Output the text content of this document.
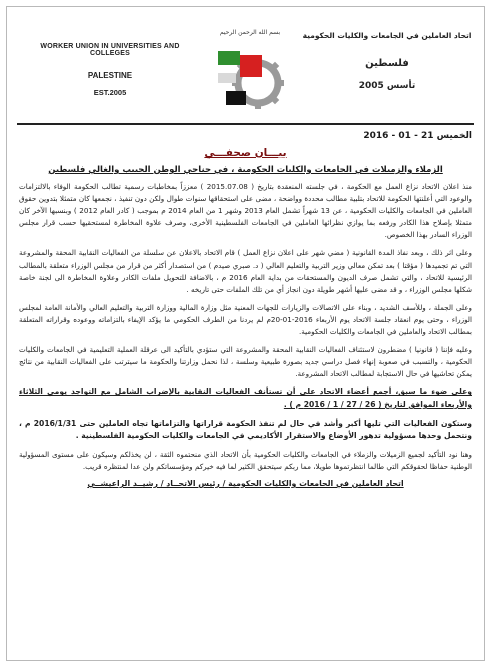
WORKER UNION IN UNIVERSITIES AND COLLEGES
PALESTINE
EST.2005
بسم الله الرحمن الرحيم	اتحاد العاملين في الجامعات والكليات الحكومية
فلسطين
تأسس 2005
الخميس 21 - 01 - 2016
بيـــان صحفـــي
الزملاء والزميلات في الجامعات والكليات الحكومية ، في جناحي الوطن الحبيب والغالي فلسطين

منذ اعلان الاتحاد نزاع العمل مع الحكومة ، في جلسته المنعقدة بتاريخ ( 2015.07.08 ) معززاً بمخاطبات رسمية تطالب الحكومة الوفاء بالالتزامات والوعود التي أعلنتها الحكومة للاتحاد بتلبية مطالب محددة وواضحة ، مضى على استحقاقها سنوات طوال ولكن دون تنفيذ ، نجمعها كان متمثلا بتدوين حقوق العاملين في الجامعات والكليات الحكومية ، عن 13 شهراً تشمل العام 2013 وشهر 1 من العام 2014 م بموجب ( كادر العام 2012 ) وبنسبها الآخر كان متمثلا بإصلاح هذا الكادر ورفعه بما يوازي نظرائها العاملين في الجامعات الفلسطينية الأخرى، وصرف علاوة المخاطرة لمستحقيها حسب قرار مجلس الوزراء السادر بهذا الخصوص.

وعلى اثر ذلك ، وبعد نفاذ المدة القانونية ( مضي شهر على اعلان نزاع العمل ) قام الاتحاد بالاعلان عن سلسلة من الفعاليات النقابية المحقة والمشروعة التي تم تجميدها ( مؤقتا ) بعد تمكن معالي وزير التربية والتعليم العالي ( د. صبري صيدم ) من استصدار أكثر من قرار من مجلس الوزراء متعلقة بالمطالب الرئيسية للاتحاد ، والتي تشمل صرف الديون والمستحقات من بداية العام 2016 م ، بالاضافة للتحويل ملفات الكادر وعلاوة المخاطرة الى لجنة خاصة شكلها مجلس الوزراء ، و قد مضى عليها أشهر طويلة دون انجاز أي من تلك الملفات حتى تاريخه .

وعلى الجملة ، وللأسف الشديد ، وبناء على الاتصالات والزيارات للجهات المعنية مثل وزارة المالية ووزارة التربية والتعليم العالي والأمانة العامة لمجلس الوزراء ، وحتى يوم انعقاد جلسة الاتحاد يوم الأربعاء 2016-01-20م لم يردنا من الطرف الحكومي ما يؤكد الإيفاء بالتزاماته ووعوده وقراراته المتعلقة بمطالب الاتحاد والعاملين في الجامعات والكليات الحكومية.

وعليه فإننا ( قانونيا ) مضطرون لاستئناف الفعاليات النقابية المحقة والمشروعة التي ستؤدي بالتأكيد الى عرقلة العملية التعليمية في الجامعات والكليات الحكومية ، والتسبب في صعوبة إنهاء فصل دراسي جديد بصورة طبيعية وسلسة ، لذا نحمل وزارتنا والحكومة ما سيترتب على الفعاليات النقابية من نتائج يمكن تحاشيها في حال الاستجابة لمطالب الاتحاد المشروعة.

وعلى ضوء ما سبق، أجمع أعضاء الاتحاد على أن تستأنف الفعاليات النقابية بالإضراب الشامل مع التواجد يومي الثلاثاء والأربعاء الموافق لتاريخ ( 26 / 27 / 1 / 2016 م ) .

وستكون الفعاليات التي تليها أكبر وأشد في حال لم تنفذ الحكومة قراراتها والتزاماتها تجاه العاملين حتى 2016/1/31 م ، ونتحمل وحدها مسؤولية تدهور الأوضاع والاستقرار الأكاديمي في الجامعات والكليات الحكومية الفلسطينية .

وهنا نود التأكيد لجميع الزميلات والزملاء في الجامعات والكليات الحكومية بأن الاتحاد الذي منحتموه الثقة ، لن يخذلكم وسيكون على مستوى المسؤولية الوطنية حفاظا لحقوقكم التي طالما انتظرتموها طويلا، مما ربكم سيتحقق الكثير لما فيه خيركم ومؤسساتكم ولن عدا لمنتظره قريب.

اتحاد العاملين في الجامعات والكليات الحكومية / رئيس الاتحــاد / رشيــد الراعيشــي
